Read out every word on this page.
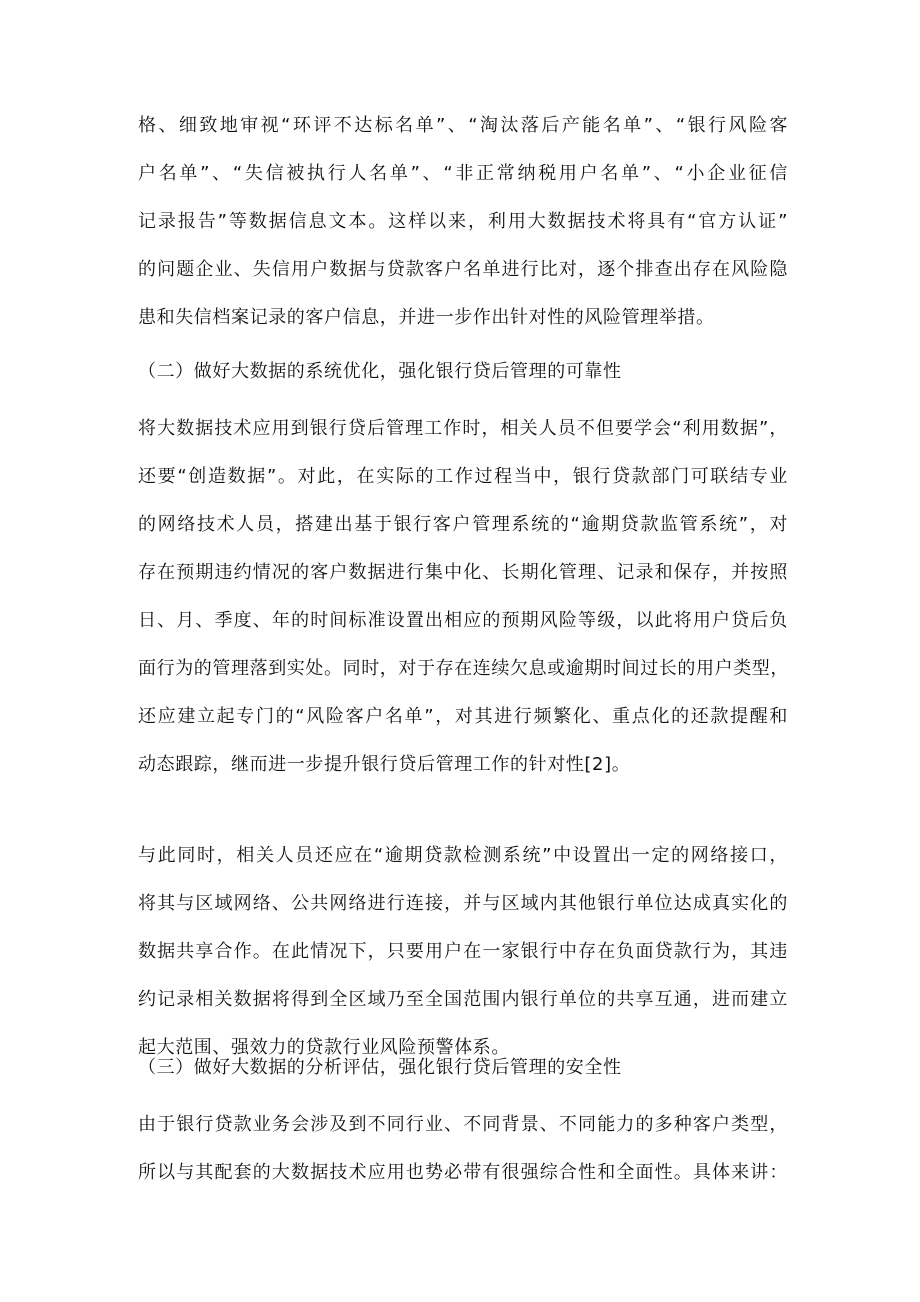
格、细致地审视“环评不达标名单”、“淘汰落后产能名单”、“银行风险客
户名单”、“失信被执行人名单”、“非正常纳税用户名单”、“小企业征信
记录报告”等数据信息文本。这样以来，利用大数据技术将具有“官方认证”
的问题企业、失信用户数据与贷款客户名单进行比对，逐个排查出存在风险隐
患和失信档案记录的客户信息，并进一步作出针对性的风险管理举措。
（二）做好大数据的系统优化，强化银行贷后管理的可靠性
将大数据技术应用到银行贷后管理工作时，相关人员不但要学会“利用数据”，
还要“创造数据”。对此，在实际的工作过程当中，银行贷款部门可联结专业
的网络技术人员，搭建出基于银行客户管理系统的“逾期贷款监管系统”，对
存在预期违约情况的客户数据进行集中化、长期化管理、记录和保存，并按照
日、月、季度、年的时间标准设置出相应的预期风险等级，以此将用户贷后负
面行为的管理落到实处。同时，对于存在连续欠息或逾期时间过长的用户类型，
还应建立起专门的“风险客户名单”，对其进行频繁化、重点化的还款提醒和
动态跟踪，继而进一步提升银行贷后管理工作的针对性[2]。
与此同时，相关人员还应在“逾期贷款检测系统”中设置出一定的网络接口，
将其与区域网络、公共网络进行连接，并与区域内其他银行单位达成真实化的
数据共享合作。在此情况下，只要用户在一家银行中存在负面贷款行为，其违
约记录相关数据将得到全区域乃至全国范围内银行单位的共享互通，进而建立
起大范围、强效力的贷款行业风险预警体系。
（三）做好大数据的分析评估，强化银行贷后管理的安全性
由于银行贷款业务会涉及到不同行业、不同背景、不同能力的多种客户类型，
所以与其配套的大数据技术应用也势必带有很强综合性和全面性。具体来讲：
